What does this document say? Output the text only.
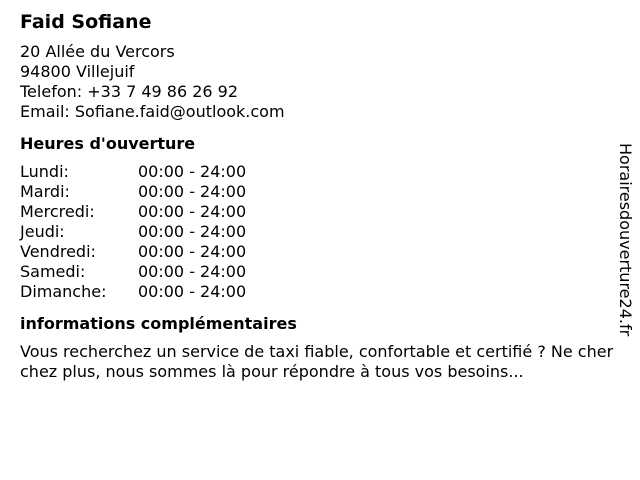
Faid Sofiane
20 Allée du Vercors
94800 Villejuif
Telefon: +33 7 49 86 26 92
Email: Sofiane.faid@outlook.com
Heures d'ouverture
Lundi:	00:00 - 24:00
Mardi:	00:00 - 24:00
Mercredi:	00:00 - 24:00
Jeudi:	00:00 - 24:00
Vendredi:	00:00 - 24:00
Samedi:	00:00 - 24:00
Dimanche:	00:00 - 24:00
informations complémentaires
Vous recherchez un service de taxi fiable, confortable et certifié ? Ne cherchez plus, nous sommes là pour répondre à tous vos besoins...
Horairesdouverture24.fr
